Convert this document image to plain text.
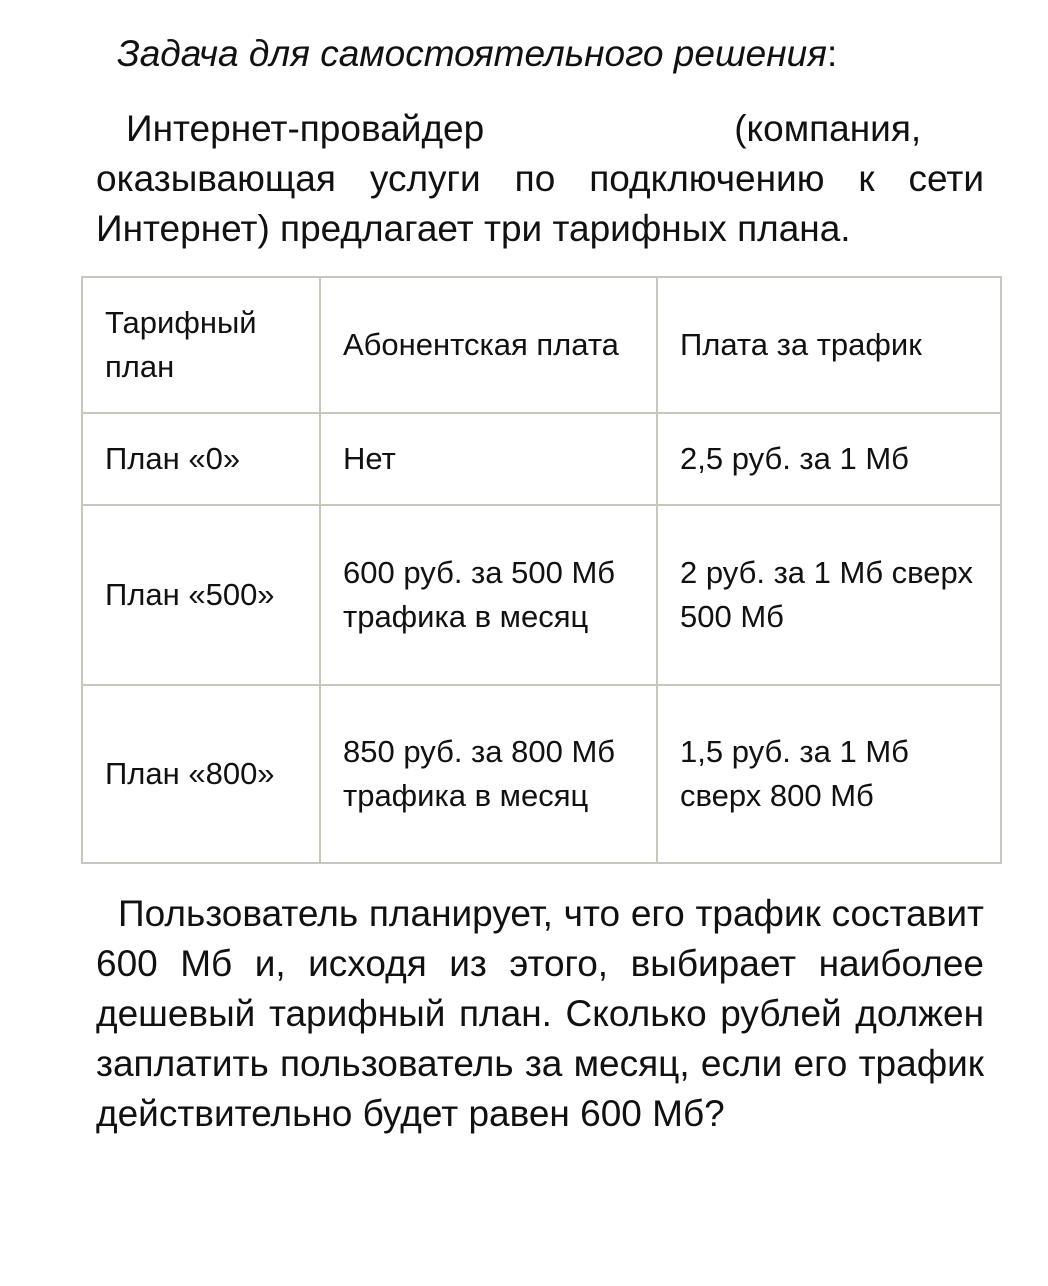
Задача для самостоятельного решения:

Интернет-провайдер	(компания, оказывающая услуги по подключению к сети Интернет) предлагает три тарифных плана.

Тарифный план	Абонентская плата	Плата за трафик
План «0»	Нет	2,5 руб. за 1 Мб
План «500»	600 руб. за 500 Мб трафика в месяц	2 руб. за 1 Мб сверх 500 Мб
План «800»	850 руб. за 800 Мб трафика в месяц	1,5 руб. за 1 Мб сверх 800 Мб

Пользователь планирует, что его трафик составит 600 Мб и, исходя из этого, выбирает наиболее дешевый тарифный план. Сколько рублей должен заплатить пользователь за месяц, если его трафик действительно будет равен 600 Мб?
